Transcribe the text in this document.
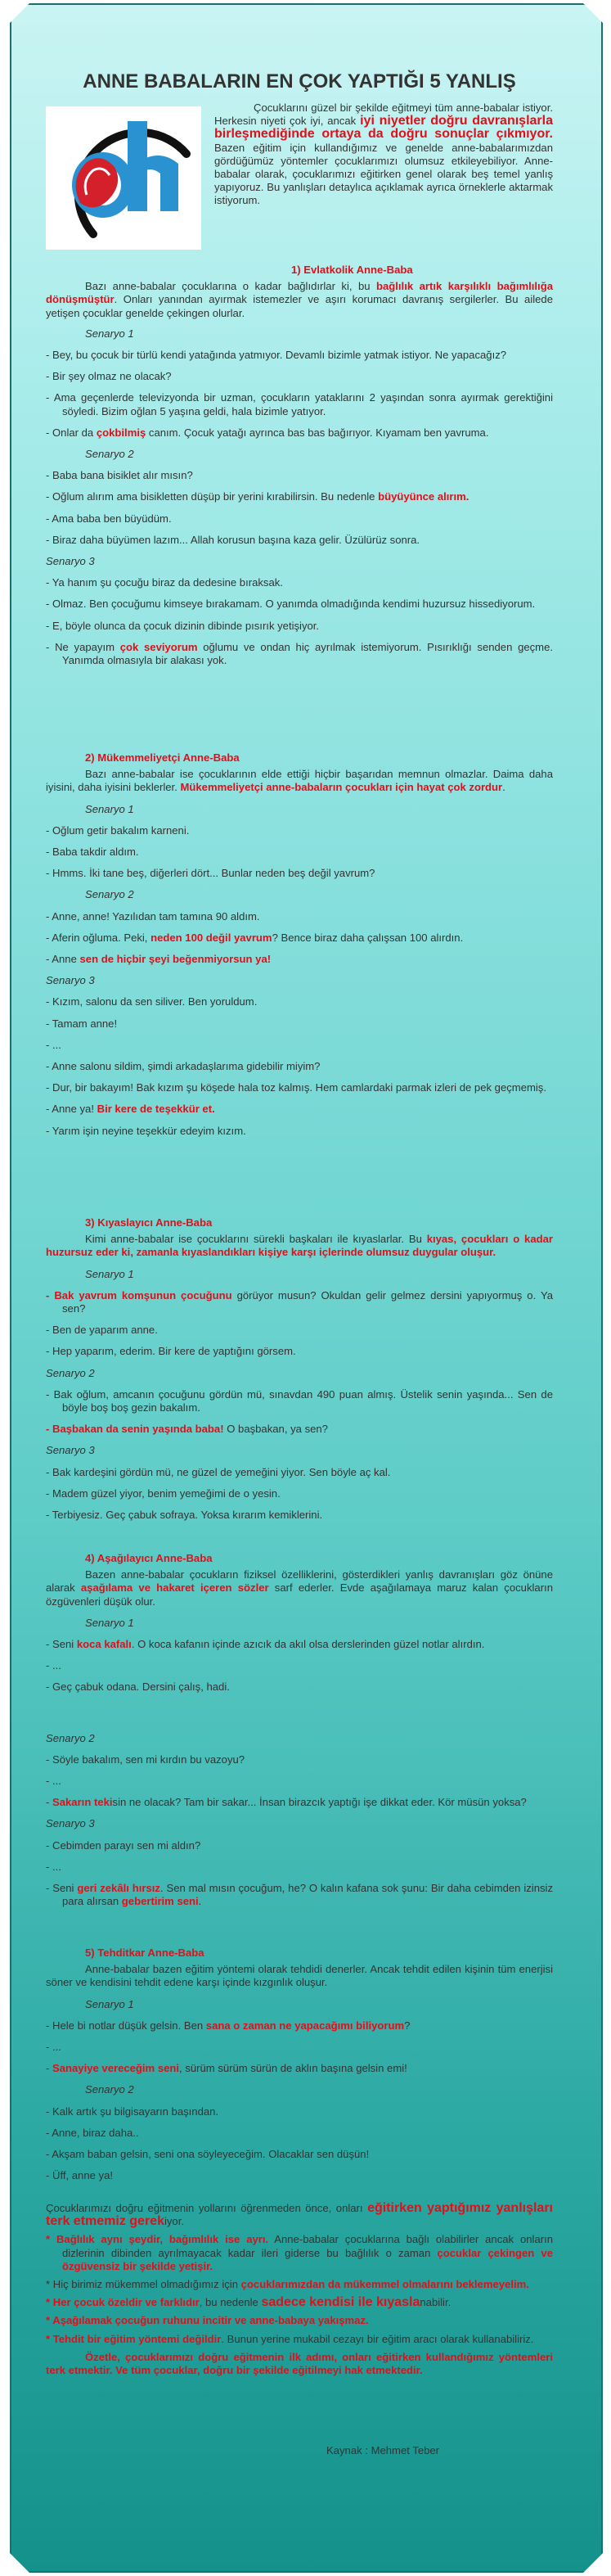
ANNE BABALARIN EN ÇOK YAPTIĞI 5 YANLIŞ

Çocuklarını güzel bir şekilde eğitmeyi tüm anne-babalar istiyor. Herkesin niyeti çok iyi, ancak iyi niyetler doğru davranışlarla birleşmediğinde ortaya da doğru sonuçlar çıkmıyor. Bazen eğitim için kullandığımız ve genelde anne-babalarımızdan gördüğümüz yöntemler çocuklarımızı olumsuz etkileyebiliyor. Anne-babalar olarak, çocuklarımızı eğitirken genel olarak beş temel yanlış yapıyoruz. Bu yanlışları detaylıca açıklamak ayrıca örneklerle aktarmak istiyorum.

1) Evlatkolik Anne-Baba

Bazı anne-babalar çocuklarına o kadar bağlıdırlar ki, bu bağlılık artık karşılıklı bağımlılığa dönüşmüştür. Onları yanından ayırmak istemezler ve aşırı korumacı davranış sergilerler. Bu ailede yetişen çocuklar genelde çekingen olurlar.

Senaryo 1

- Bey, bu çocuk bir türlü kendi yatağında yatmıyor. Devamlı bizimle yatmak istiyor. Ne yapacağız?

- Bir şey olmaz ne olacak?

- Ama geçenlerde televizyonda bir uzman, çocukların yataklarını 2 yaşından sonra ayırmak gerektiğini söyledi. Bizim oğlan 5 yaşına geldi, hala bizimle yatıyor.

- Onlar da çokbilmiş canım. Çocuk yatağı ayrınca bas bas bağırıyor. Kıyamam ben yavruma.

Senaryo 2

- Baba bana bisiklet alır mısın?

- Oğlum alırım ama bisikletten düşüp bir yerini kırabilirsin. Bu nedenle büyüyünce alırım.

- Ama baba ben büyüdüm.

- Biraz daha büyümen lazım... Allah korusun başına kaza gelir. Üzülürüz sonra.

Senaryo 3

- Ya hanım şu çocuğu biraz da dedesine bıraksak.

- Olmaz. Ben çocuğumu kimseye bırakamam. O yanımda olmadığında kendimi huzursuz hissediyorum.

- E, böyle olunca da çocuk dizinin dibinde pısırık yetişiyor.

- Ne yapayım çok seviyorum oğlumu ve ondan hiç ayrılmak istemiyorum. Pısırıklığı senden geçme. Yanımda olmasıyla bir alakası yok.

2) Mükemmeliyetçi Anne-Baba

Bazı anne-babalar ise çocuklarının elde ettiği hiçbir başarıdan memnun olmazlar. Daima daha iyisini, daha iyisini beklerler. Mükemmeliyetçi anne-babaların çocukları için hayat çok zordur.

Senaryo 1

- Oğlum getir bakalım karneni.

- Baba takdir aldım.

- Hmms. İki tane beş, diğerleri dört... Bunlar neden beş değil yavrum?

Senaryo 2

- Anne, anne! Yazılıdan tam tamına 90 aldım.

- Aferin oğluma. Peki, neden 100 değil yavrum? Bence biraz daha çalışsan 100 alırdın.

- Anne sen de hiçbir şeyi beğenmiyorsun ya!

Senaryo 3

- Kızım, salonu da sen siliver. Ben yoruldum.

- Tamam anne!

- ...

- Anne salonu sildim, şimdi arkadaşlarıma gidebilir miyim?

- Dur, bir bakayım! Bak kızım şu köşede hala toz kalmış. Hem camlardaki parmak izleri de pek geçmemiş.

- Anne ya! Bir kere de teşekkür et.

- Yarım işin neyine teşekkür edeyim kızım.

3) Kıyaslayıcı Anne-Baba

Kimi anne-babalar ise çocuklarını sürekli başkaları ile kıyaslarlar. Bu kıyas, çocukları o kadar huzursuz eder ki, zamanla kıyaslandıkları kişiye karşı içlerinde olumsuz duygular oluşur.

Senaryo 1

- Bak yavrum komşunun çocuğunu görüyor musun? Okuldan gelir gelmez dersini yapıyormuş o. Ya sen?

- Ben de yaparım anne.

- Hep yaparım, ederim. Bir kere de yaptığını görsem.

Senaryo 2

- Bak oğlum, amcanın çocuğunu gördün mü, sınavdan 490 puan almış. Üstelik senin yaşında... Sen de böyle boş boş gezin bakalım.

- Başbakan da senin yaşında baba! O başbakan, ya sen?

Senaryo 3

- Bak kardeşini gördün mü, ne güzel de yemeğini yiyor. Sen böyle aç kal.

- Madem güzel yiyor, benim yemeğimi de o yesin.

- Terbiyesiz. Geç çabuk sofraya. Yoksa kırarım kemiklerini.

4) Aşağılayıcı Anne-Baba

Bazen anne-babalar çocukların fiziksel özelliklerini, gösterdikleri yanlış davranışları göz önüne alarak aşağılama ve hakaret içeren sözler sarf ederler. Evde aşağılamaya maruz kalan çocukların özgüvenleri düşük olur.

Senaryo 1

- Seni koca kafalı. O koca kafanın içinde azıcık da akıl olsa derslerinden güzel notlar alırdın.

- ...

- Geç çabuk odana. Dersini çalış, hadi.

Senaryo 2

- Söyle bakalım, sen mi kırdın bu vazoyu?

- ...

- Sakarın tekisin ne olacak? Tam bir sakar... İnsan birazcık yaptığı işe dikkat eder. Kör müsün yoksa?

Senaryo 3

- Cebimden parayı sen mi aldın?

- ...

- Seni geri zekâlı hırsız. Sen mal mısın çocuğum, he? O kalın kafana sok şunu: Bir daha cebimden izinsiz para alırsan gebertirim seni.

5) Tehditkar Anne-Baba

Anne-babalar bazen eğitim yöntemi olarak tehdidi denerler. Ancak tehdit edilen kişinin tüm enerjisi söner ve kendisini tehdit edene karşı içinde kızgınlık oluşur.

Senaryo 1

- Hele bi notlar düşük gelsin. Ben sana o zaman ne yapacağımı biliyorum?

- ...

- Sanayiye vereceğim seni, sürüm sürüm sürün de aklın başına gelsin emi!

Senaryo 2

- Kalk artık şu bilgisayarın başından.

- Anne, biraz daha..

- Akşam baban gelsin, seni ona söyleyeceğim. Olacaklar sen düşün!

- Üff, anne ya!

Çocuklarımızı doğru eğitmenin yollarını öğrenmeden önce, onları eğitirken yaptığımız yanlışları terk etmemiz gerekiyor.

* Bağlılık aynı şeydir, bağımlılık ise ayrı. Anne-babalar çocuklarına bağlı olabilirler ancak onların dizlerinin dibinden ayrılmayacak kadar ileri giderse bu bağlılık o zaman çocuklar çekingen ve özgüvensiz bir şekilde yetişir.

* Hiç birimiz mükemmel olmadığımız için çocuklarımızdan da mükemmel olmalarını beklemeyelim.

* Her çocuk özeldir ve farklıdır, bu nedenle sadece kendisi ile kıyaslanabilir.

* Aşağılamak çocuğun ruhunu incitir ve anne-babaya yakışmaz.

* Tehdit bir eğitim yöntemi değildir. Bunun yerine mukabil cezayı bir eğitim aracı olarak kullanabiliriz.

Özetle, çocuklarımızı doğru eğitmenin ilk adımı, onları eğitirken kullandığımız yöntemleri terk etmektir. Ve tüm çocuklar, doğru bir şekilde eğitilmeyi hak etmektedir.

Kaynak : Mehmet Teber
